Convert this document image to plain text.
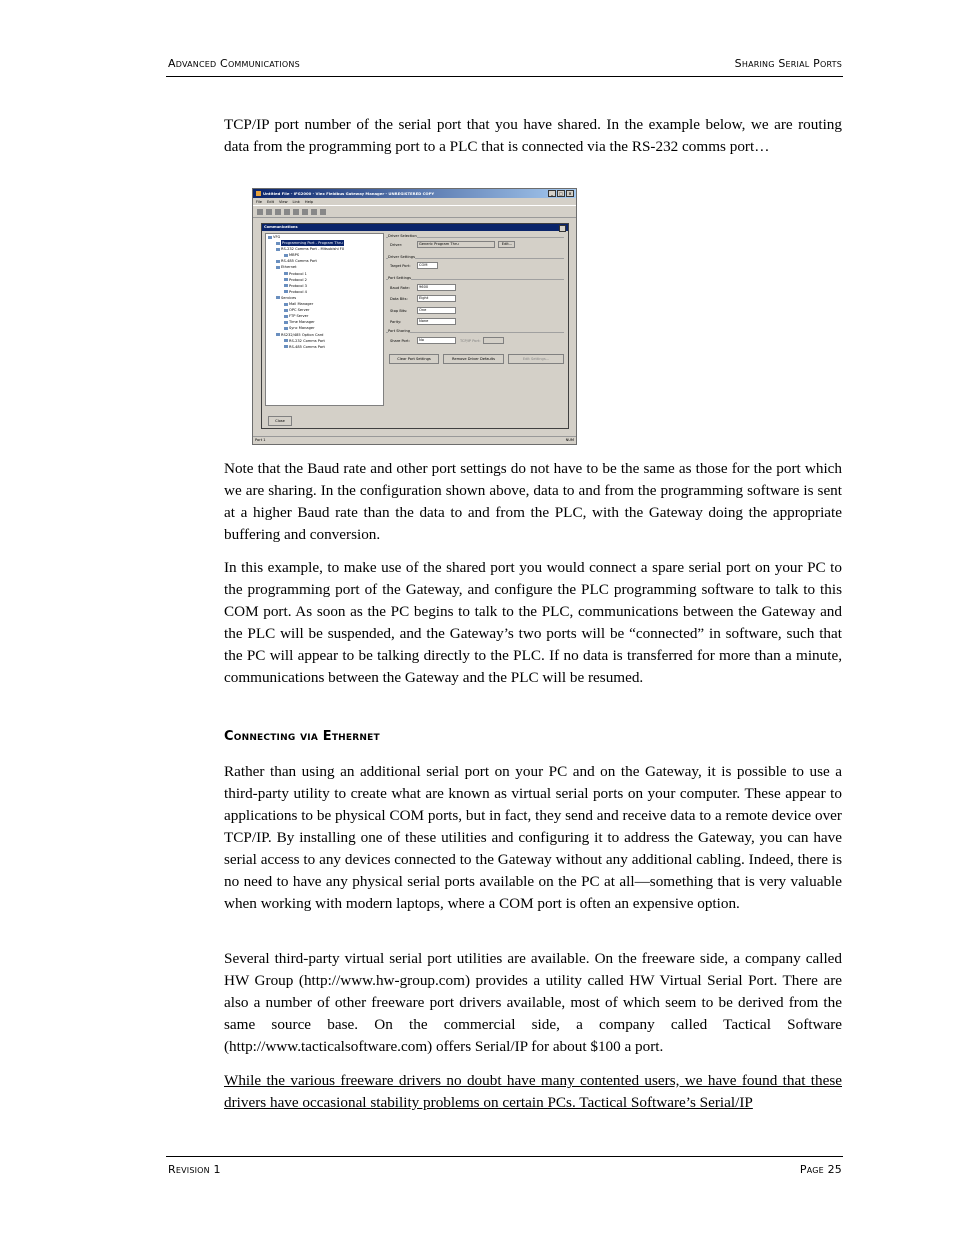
Advanced Communications	Sharing Serial Ports

TCP/IP port number of the serial port that you have shared. In the example below, we are routing data from the programming port to a PLC that is connected via the RS-232 comms port…

Untitled File - IFG2000 - Vlex Fieldbus Gateway Manager - UNREGISTERED COPY	_	□	×
File Edit View Link Help
Communications
VFG
Programming Port - Program Thru
RS-232 Comms Port - Mitsubishi FX
MBPS
RS-485 Comms Port
Ethernet
Protocol 1
Protocol 2
Protocol 3
Protocol 4
Services
Mail Manager
OPC Server
FTP Server
Time Manager
Sync Manager
RS232/485 Option Card
RS-232 Comms Port
RS-485 Comms Port
Driver Selection
Driver:	Generic Program Thru	Edit...
Driver Settings
Target Port:	COM
Port Settings
Baud Rate:	9600
Data Bits:	Eight
Stop Bits:	One
Parity:	None
Port Sharing
Share Port:	No	TCP/IP Port:
Clear Port Settings	Remove Driver Defaults	Edit Settings...
Close
Port 1	NUM

Note that the Baud rate and other port settings do not have to be the same as those for the port which we are sharing. In the configuration shown above, data to and from the programming software is sent at a higher Baud rate than the data to and from the PLC, with the Gateway doing the appropriate buffering and conversion.

In this example, to make use of the shared port you would connect a spare serial port on your PC to the programming port of the Gateway, and configure the PLC programming software to talk to this COM port. As soon as the PC begins to talk to the PLC, communications between the Gateway and the PLC will be suspended, and the Gateway’s two ports will be “connected” in software, such that the PC will appear to be talking directly to the PLC. If no data is transferred for more than a minute, communications between the Gateway and the PLC will be resumed.

Connecting via Ethernet

Rather than using an additional serial port on your PC and on the Gateway, it is possible to use a third-party utility to create what are known as virtual serial ports on your computer. These appear to applications to be physical COM ports, but in fact, they send and receive data to a remote device over TCP/IP. By installing one of these utilities and configuring it to address the Gateway, you can have serial access to any devices connected to the Gateway without any additional cabling. Indeed, there is no need to have any physical serial ports available on the PC at all—something that is very valuable when working with modern laptops, where a COM port is often an expensive option.

Several third-party virtual serial port utilities are available. On the freeware side, a company called HW Group (http://www.hw-group.com) provides a utility called HW Virtual Serial Port. There are also a number of other freeware port drivers available, most of which seem to be derived from the same source base. On the commercial side, a company called Tactical Software (http://www.tacticalsoftware.com) offers Serial/IP for about $100 a port.

While the various freeware drivers no doubt have many contented users, we have found that these drivers have occasional stability problems on certain PCs. Tactical Software’s Serial/IP

Revision 1	Page 25
